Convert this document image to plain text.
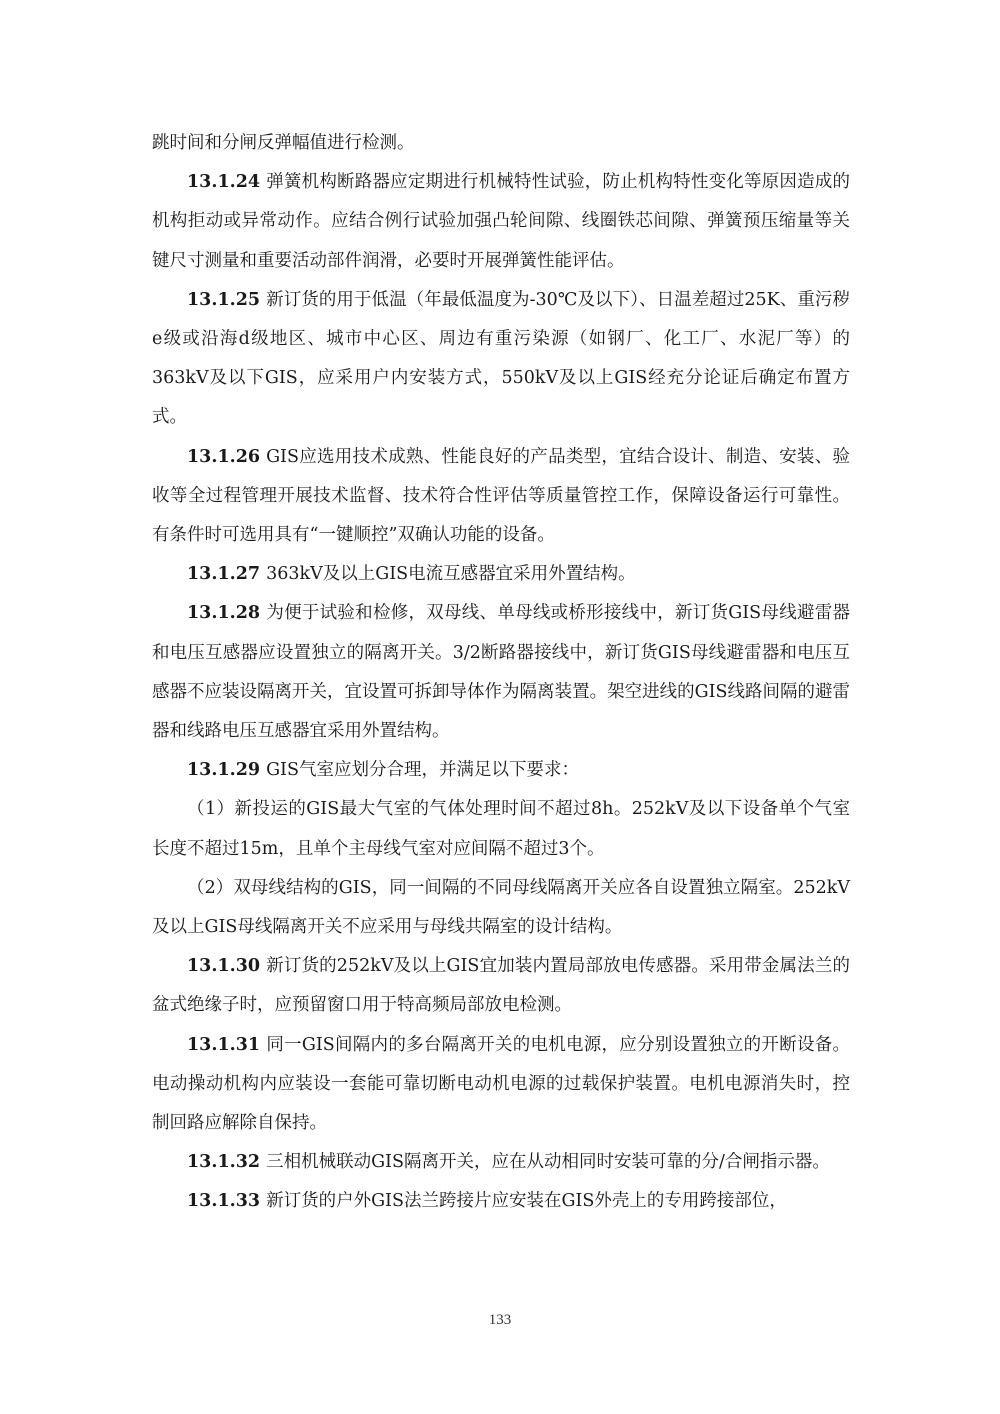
跳时间和分闸反弹幅值进行检测。

13.1.24 弹簧机构断路器应定期进行机械特性试验，防止机构特性变化等原因造成的机构拒动或异常动作。应结合例行试验加强凸轮间隙、线圈铁芯间隙、弹簧预压缩量等关键尺寸测量和重要活动部件润滑，必要时开展弹簧性能评估。

13.1.25 新订货的用于低温（年最低温度为-30℃及以下）、日温差超过25K、重污秽e级或沿海d级地区、城市中心区、周边有重污染源（如钢厂、化工厂、水泥厂等）的363kV及以下GIS，应采用户内安装方式，550kV及以上GIS经充分论证后确定布置方式。

13.1.26 GIS应选用技术成熟、性能良好的产品类型，宜结合设计、制造、安装、验收等全过程管理开展技术监督、技术符合性评估等质量管控工作，保障设备运行可靠性。有条件时可选用具有“一键顺控”双确认功能的设备。

13.1.27 363kV及以上GIS电流互感器宜采用外置结构。

13.1.28 为便于试验和检修，双母线、单母线或桥形接线中，新订货GIS母线避雷器和电压互感器应设置独立的隔离开关。3/2断路器接线中，新订货GIS母线避雷器和电压互感器不应装设隔离开关，宜设置可拆卸导体作为隔离装置。架空进线的GIS线路间隔的避雷器和线路电压互感器宜采用外置结构。

13.1.29 GIS气室应划分合理，并满足以下要求：

（1）新投运的GIS最大气室的气体处理时间不超过8h。252kV及以下设备单个气室长度不超过15m，且单个主母线气室对应间隔不超过3个。

（2）双母线结构的GIS，同一间隔的不同母线隔离开关应各自设置独立隔室。252kV及以上GIS母线隔离开关不应采用与母线共隔室的设计结构。

13.1.30 新订货的252kV及以上GIS宜加装内置局部放电传感器。采用带金属法兰的盆式绝缘子时，应预留窗口用于特高频局部放电检测。

13.1.31 同一GIS间隔内的多台隔离开关的电机电源，应分别设置独立的开断设备。电动操动机构内应装设一套能可靠切断电动机电源的过载保护装置。电机电源消失时，控制回路应解除自保持。

13.1.32 三相机械联动GIS隔离开关，应在从动相同时安装可靠的分/合闸指示器。

13.1.33 新订货的户外GIS法兰跨接片应安装在GIS外壳上的专用跨接部位，

133
